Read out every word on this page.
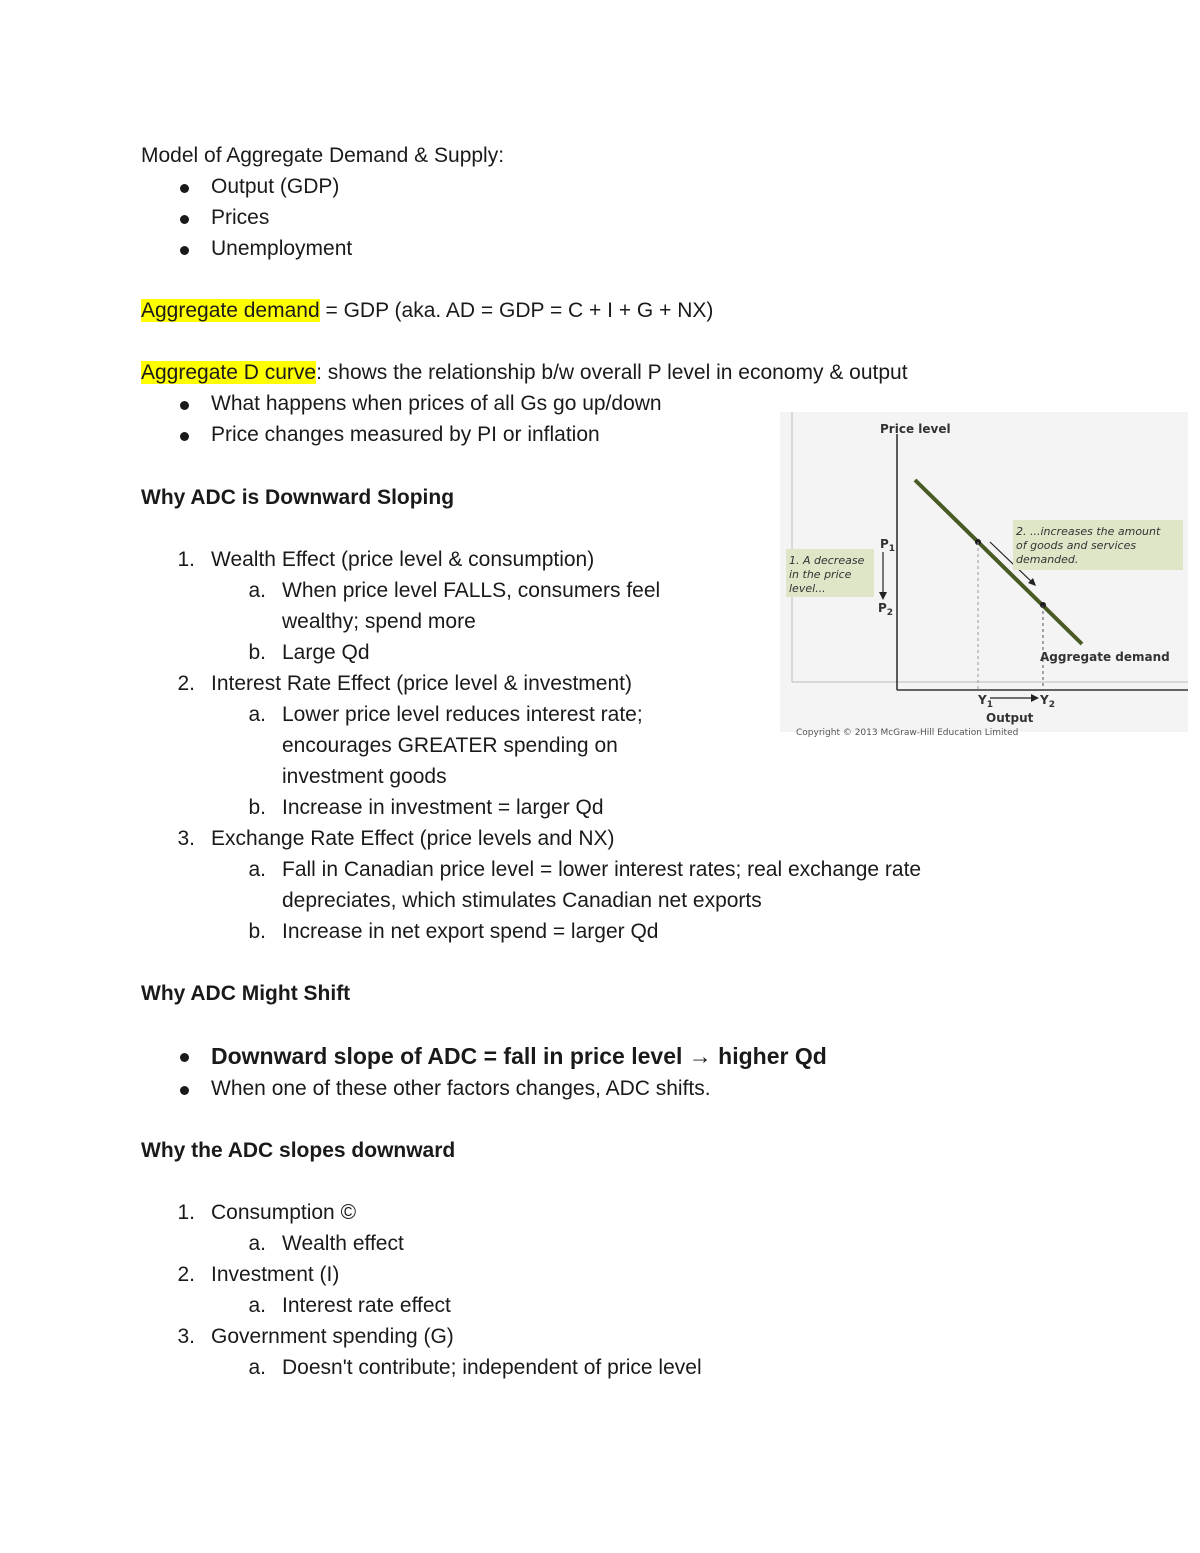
Model of Aggregate Demand & Supply:
Output (GDP)
Prices
Unemployment
Aggregate demand = GDP (aka. AD = GDP = C + I + G + NX)
Aggregate D curve: shows the relationship b/w overall P level in economy & output
What happens when prices of all Gs go up/down
Price changes measured by PI or inflation
Why ADC is Downward Sloping
1. Wealth Effect (price level & consumption)
a. When price level FALLS, consumers feel
wealthy; spend more
b. Large Qd
2. Interest Rate Effect (price level & investment)
a. Lower price level reduces interest rate;
encourages GREATER spending on
investment goods
b. Increase in investment = larger Qd
3. Exchange Rate Effect (price levels and NX)
a. Fall in Canadian price level = lower interest rates; real exchange rate
depreciates, which stimulates Canadian net exports
b. Increase in net export spend = larger Qd
Why ADC Might Shift
Downward slope of ADC = fall in price level → higher Qd
When one of these other factors changes, ADC shifts.
Why the ADC slopes downward
1. Consumption ©
a. Wealth effect
2. Investment (I)
a. Interest rate effect
3. Government spending (G)
a. Doesn't contribute; independent of price level
Price level
Output
$P_1$
$P_2$
$Y_1$	$Y_2$
1. A decrease
in the price
level...
2. ...increases the amount
of goods and services
demanded.
Aggregate demand
Copyright © 2013 McGraw-Hill Education Limited
